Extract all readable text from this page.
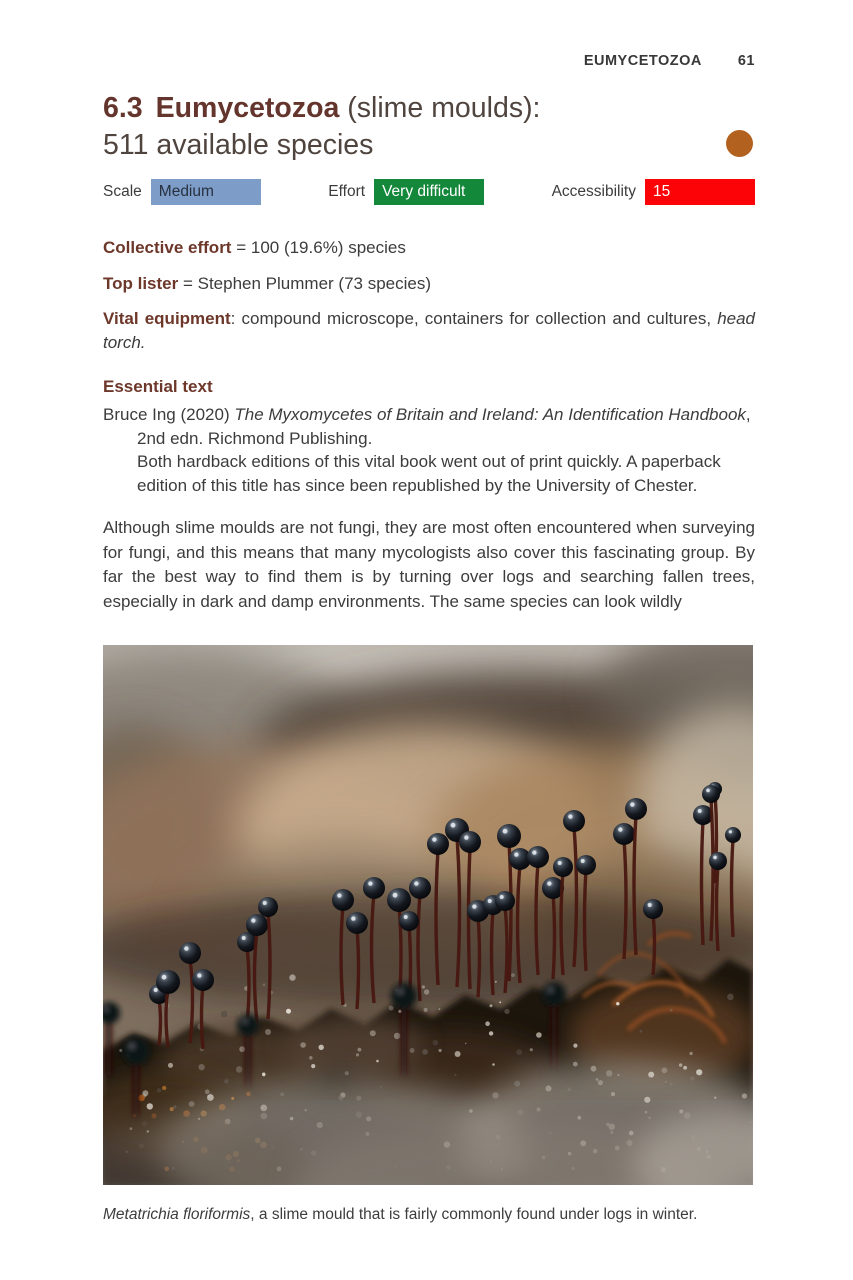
EUMYCETOZOA 61
6.3 Eumycetozoa (slime moulds):
511 available species
Scale	Medium	Effort	Very difficult	Accessibility	15

Collective effort = 100 (19.6%) species

Top lister = Stephen Plummer (73 species)

Vital equipment: compound microscope, containers for collection and cultures, head torch.

Essential text

Bruce Ing (2020) The Myxomycetes of Britain and Ireland: An Identification Handbook,
2nd edn. Richmond Publishing.

Both hardback editions of this vital book went out of print quickly. A paperback edition of this title has since been republished by the University of Chester.

Although slime moulds are not fungi, they are most often encountered when surveying for fungi, and this means that many mycologists also cover this fascinating group. By far the best way to find them is by turning over logs and searching fallen trees, especially in dark and damp environments. The same species can look wildly

Metatrichia floriformis, a slime mould that is fairly commonly found under logs in winter.
